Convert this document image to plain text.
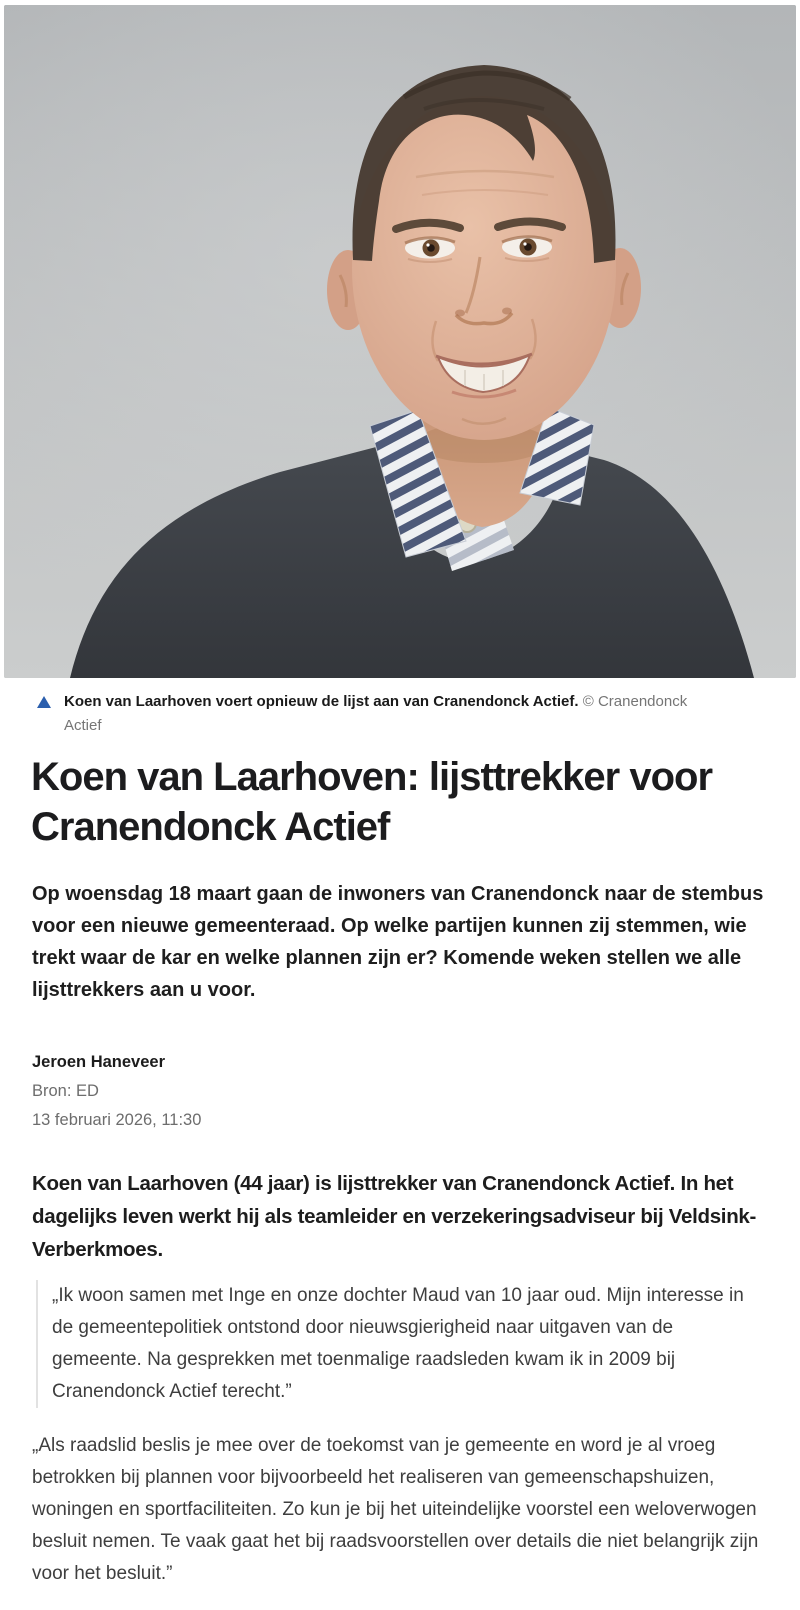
Koen van Laarhoven voert opnieuw de lijst aan van Cranendonck Actief. © Cranendonck Actief

Koen van Laarhoven: lijsttrekker voor Cranendonck Actief

Op woensdag 18 maart gaan de inwoners van Cranendonck naar de stembus voor een nieuwe gemeenteraad. Op welke partijen kunnen zij stemmen, wie trekt waar de kar en welke plannen zijn er? Komende weken stellen we alle lijsttrekkers aan u voor.

Jeroen Haneveer
Bron: ED
13 februari 2026, 11:30

Koen van Laarhoven (44 jaar) is lijsttrekker van Cranendonck Actief. In het dagelijks leven werkt hij als teamleider en verzekeringsadviseur bij Veldsink-Verberkmoes.

„Ik woon samen met Inge en onze dochter Maud van 10 jaar oud. Mijn interesse in de gemeentepolitiek ontstond door nieuwsgierigheid naar uitgaven van de gemeente. Na gesprekken met toenmalige raadsleden kwam ik in 2009 bij Cranendonck Actief terecht.”

„Als raadslid beslis je mee over de toekomst van je gemeente en word je al vroeg betrokken bij plannen voor bijvoorbeeld het realiseren van gemeenschapshuizen, woningen en sportfaciliteiten. Zo kun je bij het uiteindelijke voorstel een weloverwogen besluit nemen. Te vaak gaat het bij raadsvoorstellen over details die niet belangrijk zijn voor het besluit.”
